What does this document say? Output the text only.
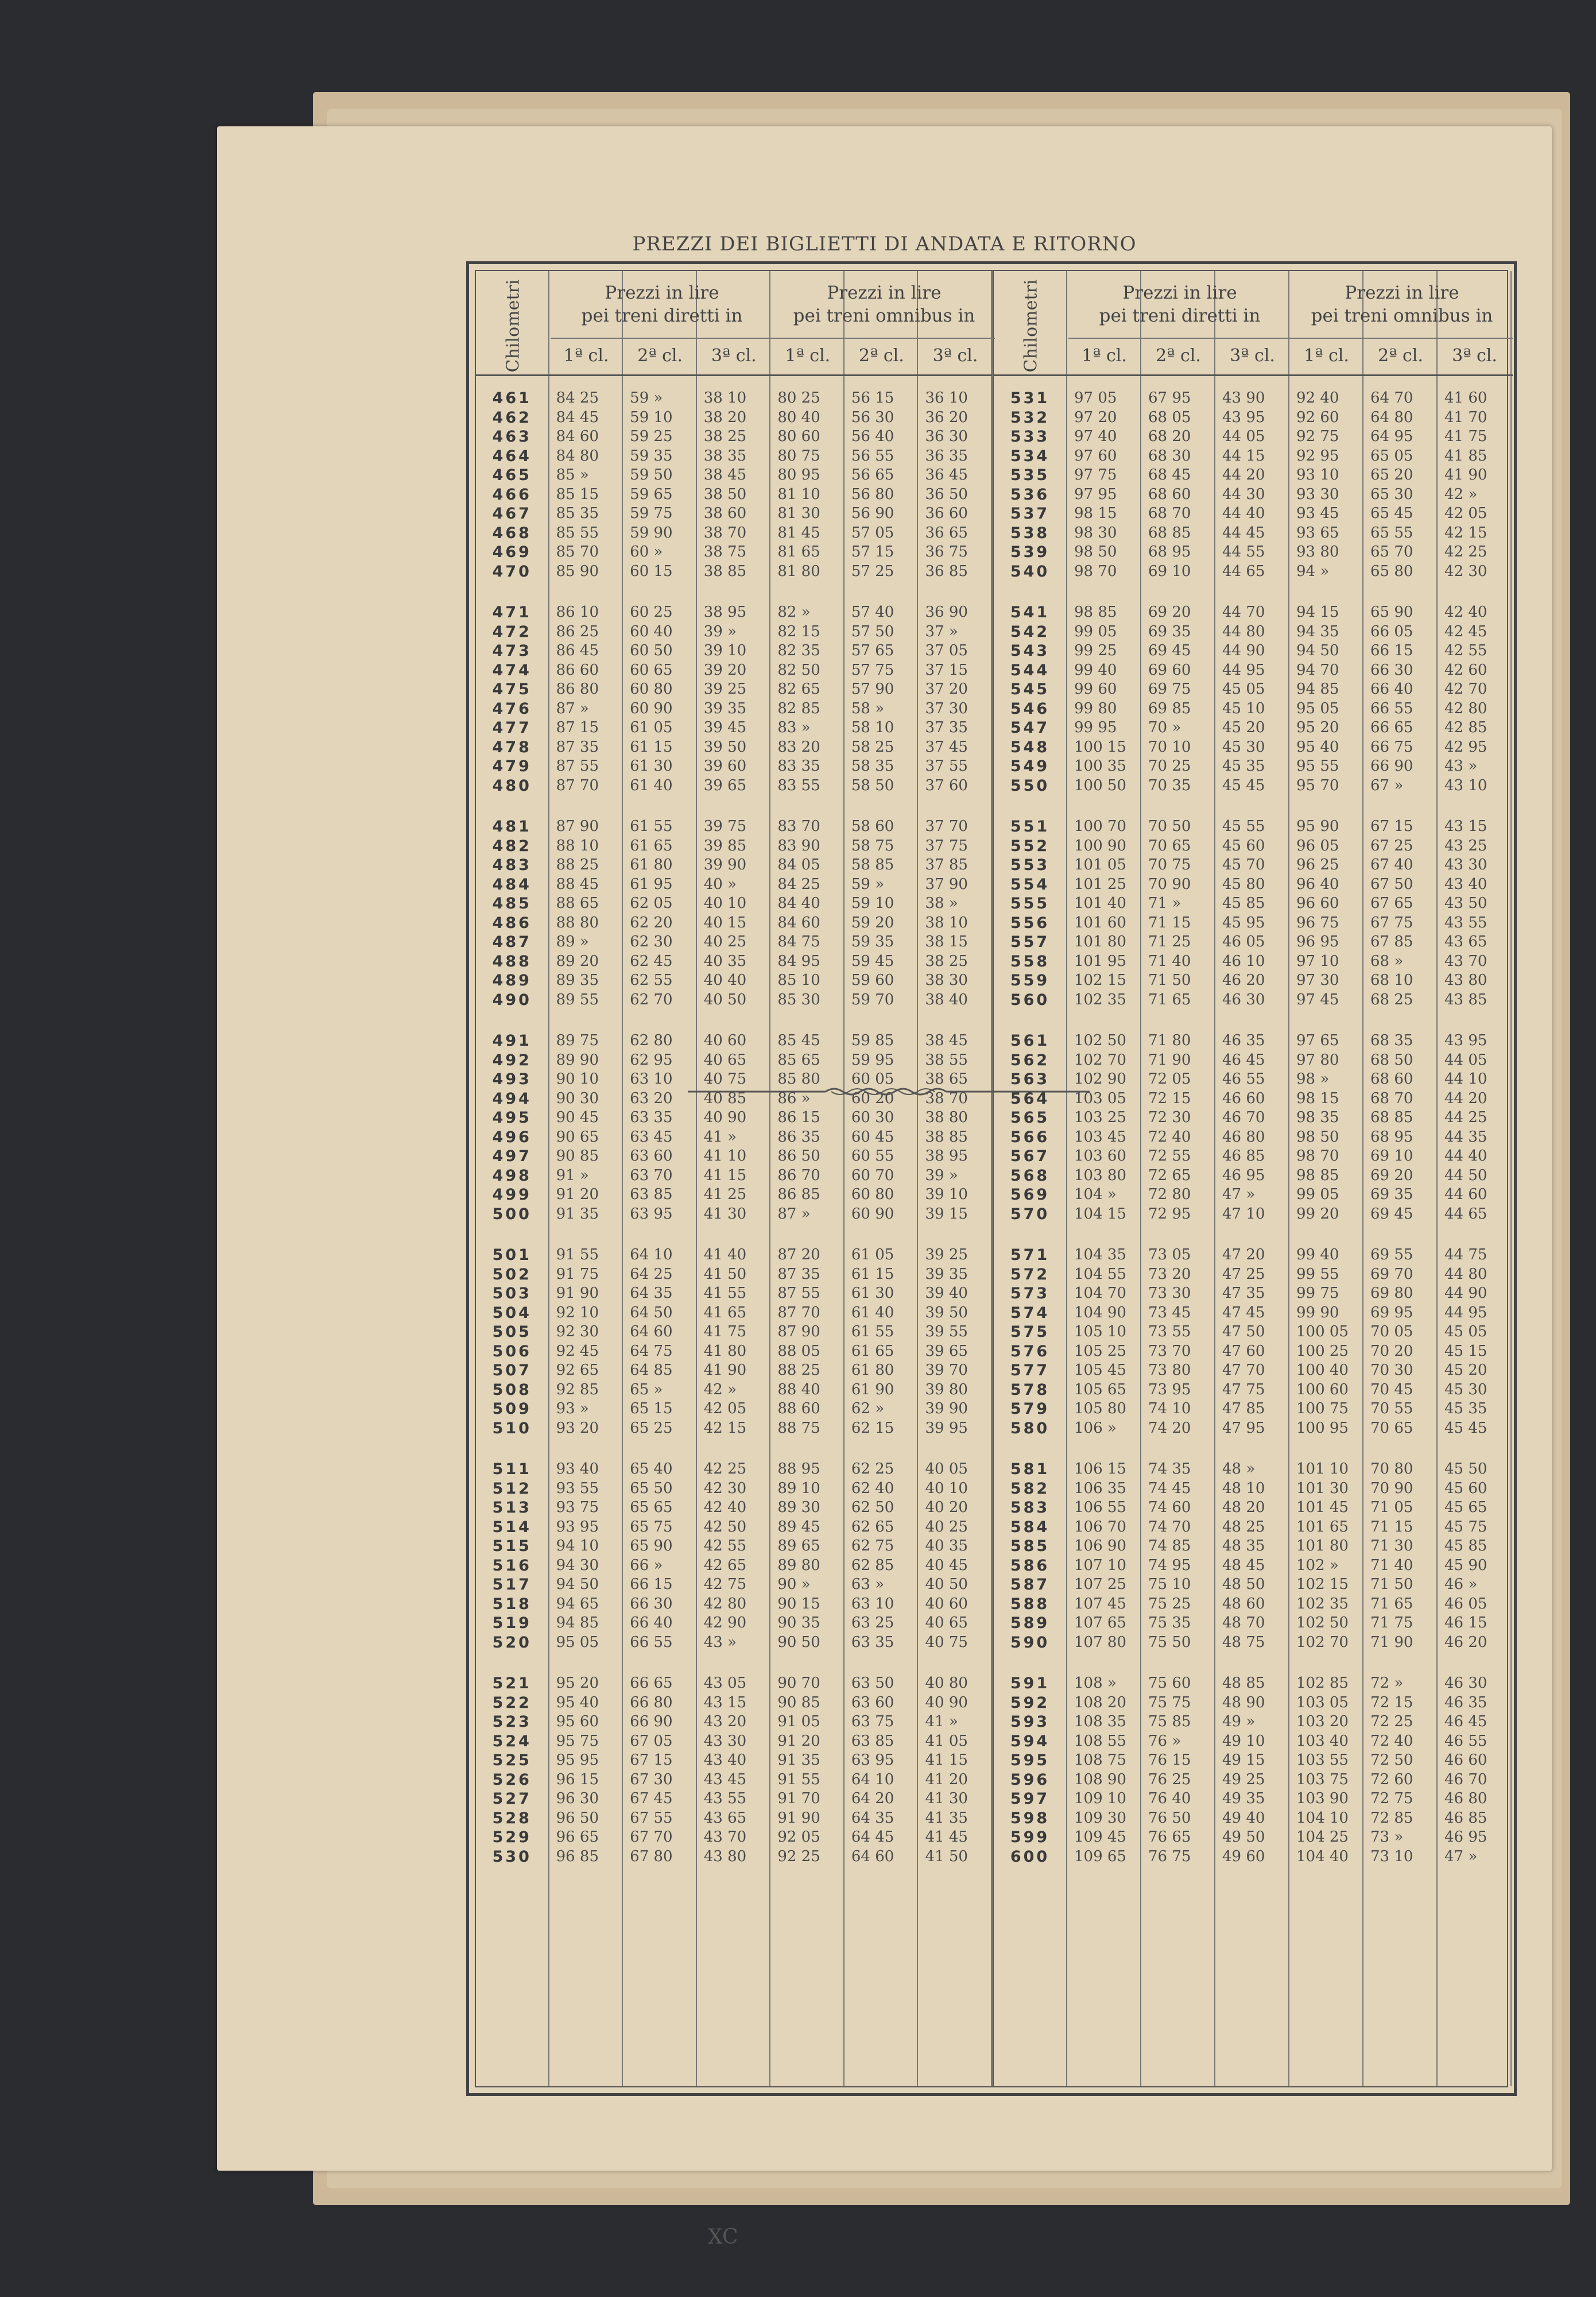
PREZZI DEI BIGLIETTI DI ANDATA E RITORNO
Chilometri
461
462
463
464
465
466
467
468
469
470
471
472
473
474
475
476
477
478
479
480
481
482
483
484
485
486
487
488
489
490
491
492
493
494
495
496
497
498
499
500
501
502
503
504
505
506
507
508
509
510
511
512
513
514
515
516
517
518
519
520
521
522
523
524
525
526
527
528
529
530
1ª cl.
84 25
84 45
84 60
84 80
85 »
85 15
85 35
85 55
85 70
85 90
86 10
86 25
86 45
86 60
86 80
87 »
87 15
87 35
87 55
87 70
87 90
88 10
88 25
88 45
88 65
88 80
89 »
89 20
89 35
89 55
89 75
89 90
90 10
90 30
90 45
90 65
90 85
91 »
91 20
91 35
91 55
91 75
91 90
92 10
92 30
92 45
92 65
92 85
93 »
93 20
93 40
93 55
93 75
93 95
94 10
94 30
94 50
94 65
94 85
95 05
95 20
95 40
95 60
95 75
95 95
96 15
96 30
96 50
96 65
96 85
2ª cl.
59 »
59 10
59 25
59 35
59 50
59 65
59 75
59 90
60 »
60 15
60 25
60 40
60 50
60 65
60 80
60 90
61 05
61 15
61 30
61 40
61 55
61 65
61 80
61 95
62 05
62 20
62 30
62 45
62 55
62 70
62 80
62 95
63 10
63 20
63 35
63 45
63 60
63 70
63 85
63 95
64 10
64 25
64 35
64 50
64 60
64 75
64 85
65 »
65 15
65 25
65 40
65 50
65 65
65 75
65 90
66 »
66 15
66 30
66 40
66 55
66 65
66 80
66 90
67 05
67 15
67 30
67 45
67 55
67 70
67 80
3ª cl.
38 10
38 20
38 25
38 35
38 45
38 50
38 60
38 70
38 75
38 85
38 95
39 »
39 10
39 20
39 25
39 35
39 45
39 50
39 60
39 65
39 75
39 85
39 90
40 »
40 10
40 15
40 25
40 35
40 40
40 50
40 60
40 65
40 75
40 85
40 90
41 »
41 10
41 15
41 25
41 30
41 40
41 50
41 55
41 65
41 75
41 80
41 90
42 »
42 05
42 15
42 25
42 30
42 40
42 50
42 55
42 65
42 75
42 80
42 90
43 »
43 05
43 15
43 20
43 30
43 40
43 45
43 55
43 65
43 70
43 80
1ª cl.
80 25
80 40
80 60
80 75
80 95
81 10
81 30
81 45
81 65
81 80
82 »
82 15
82 35
82 50
82 65
82 85
83 »
83 20
83 35
83 55
83 70
83 90
84 05
84 25
84 40
84 60
84 75
84 95
85 10
85 30
85 45
85 65
85 80
86 »
86 15
86 35
86 50
86 70
86 85
87 »
87 20
87 35
87 55
87 70
87 90
88 05
88 25
88 40
88 60
88 75
88 95
89 10
89 30
89 45
89 65
89 80
90 »
90 15
90 35
90 50
90 70
90 85
91 05
91 20
91 35
91 55
91 70
91 90
92 05
92 25
2ª cl.
56 15
56 30
56 40
56 55
56 65
56 80
56 90
57 05
57 15
57 25
57 40
57 50
57 65
57 75
57 90
58 »
58 10
58 25
58 35
58 50
58 60
58 75
58 85
59 »
59 10
59 20
59 35
59 45
59 60
59 70
59 85
59 95
60 05
60 20
60 30
60 45
60 55
60 70
60 80
60 90
61 05
61 15
61 30
61 40
61 55
61 65
61 80
61 90
62 »
62 15
62 25
62 40
62 50
62 65
62 75
62 85
63 »
63 10
63 25
63 35
63 50
63 60
63 75
63 85
63 95
64 10
64 20
64 35
64 45
64 60
3ª cl.
36 10
36 20
36 30
36 35
36 45
36 50
36 60
36 65
36 75
36 85
36 90
37 »
37 05
37 15
37 20
37 30
37 35
37 45
37 55
37 60
37 70
37 75
37 85
37 90
38 »
38 10
38 15
38 25
38 30
38 40
38 45
38 55
38 65
38 70
38 80
38 85
38 95
39 »
39 10
39 15
39 25
39 35
39 40
39 50
39 55
39 65
39 70
39 80
39 90
39 95
40 05
40 10
40 20
40 25
40 35
40 45
40 50
40 60
40 65
40 75
40 80
40 90
41 »
41 05
41 15
41 20
41 30
41 35
41 45
41 50
Prezzi in lire
pei treni diretti in
Prezzi in lire
pei treni omnibus in	Chilometri
531
532
533
534
535
536
537
538
539
540
541
542
543
544
545
546
547
548
549
550
551
552
553
554
555
556
557
558
559
560
561
562
563
564
565
566
567
568
569
570
571
572
573
574
575
576
577
578
579
580
581
582
583
584
585
586
587
588
589
590
591
592
593
594
595
596
597
598
599
600
1ª cl.
97 05
97 20
97 40
97 60
97 75
97 95
98 15
98 30
98 50
98 70
98 85
99 05
99 25
99 40
99 60
99 80
99 95
100 15
100 35
100 50
100 70
100 90
101 05
101 25
101 40
101 60
101 80
101 95
102 15
102 35
102 50
102 70
102 90
103 05
103 25
103 45
103 60
103 80
104 »
104 15
104 35
104 55
104 70
104 90
105 10
105 25
105 45
105 65
105 80
106 »
106 15
106 35
106 55
106 70
106 90
107 10
107 25
107 45
107 65
107 80
108 »
108 20
108 35
108 55
108 75
108 90
109 10
109 30
109 45
109 65
2ª cl.
67 95
68 05
68 20
68 30
68 45
68 60
68 70
68 85
68 95
69 10
69 20
69 35
69 45
69 60
69 75
69 85
70 »
70 10
70 25
70 35
70 50
70 65
70 75
70 90
71 »
71 15
71 25
71 40
71 50
71 65
71 80
71 90
72 05
72 15
72 30
72 40
72 55
72 65
72 80
72 95
73 05
73 20
73 30
73 45
73 55
73 70
73 80
73 95
74 10
74 20
74 35
74 45
74 60
74 70
74 85
74 95
75 10
75 25
75 35
75 50
75 60
75 75
75 85
76 »
76 15
76 25
76 40
76 50
76 65
76 75
3ª cl.
43 90
43 95
44 05
44 15
44 20
44 30
44 40
44 45
44 55
44 65
44 70
44 80
44 90
44 95
45 05
45 10
45 20
45 30
45 35
45 45
45 55
45 60
45 70
45 80
45 85
45 95
46 05
46 10
46 20
46 30
46 35
46 45
46 55
46 60
46 70
46 80
46 85
46 95
47 »
47 10
47 20
47 25
47 35
47 45
47 50
47 60
47 70
47 75
47 85
47 95
48 »
48 10
48 20
48 25
48 35
48 45
48 50
48 60
48 70
48 75
48 85
48 90
49 »
49 10
49 15
49 25
49 35
49 40
49 50
49 60
1ª cl.
92 40
92 60
92 75
92 95
93 10
93 30
93 45
93 65
93 80
94 »
94 15
94 35
94 50
94 70
94 85
95 05
95 20
95 40
95 55
95 70
95 90
96 05
96 25
96 40
96 60
96 75
96 95
97 10
97 30
97 45
97 65
97 80
98 »
98 15
98 35
98 50
98 70
98 85
99 05
99 20
99 40
99 55
99 75
99 90
100 05
100 25
100 40
100 60
100 75
100 95
101 10
101 30
101 45
101 65
101 80
102 »
102 15
102 35
102 50
102 70
102 85
103 05
103 20
103 40
103 55
103 75
103 90
104 10
104 25
104 40
2ª cl.
64 70
64 80
64 95
65 05
65 20
65 30
65 45
65 55
65 70
65 80
65 90
66 05
66 15
66 30
66 40
66 55
66 65
66 75
66 90
67 »
67 15
67 25
67 40
67 50
67 65
67 75
67 85
68 »
68 10
68 25
68 35
68 50
68 60
68 70
68 85
68 95
69 10
69 20
69 35
69 45
69 55
69 70
69 80
69 95
70 05
70 20
70 30
70 45
70 55
70 65
70 80
70 90
71 05
71 15
71 30
71 40
71 50
71 65
71 75
71 90
72 »
72 15
72 25
72 40
72 50
72 60
72 75
72 85
73 »
73 10
3ª cl.
41 60
41 70
41 75
41 85
41 90
42 »
42 05
42 15
42 25
42 30
42 40
42 45
42 55
42 60
42 70
42 80
42 85
42 95
43 »
43 10
43 15
43 25
43 30
43 40
43 50
43 55
43 65
43 70
43 80
43 85
43 95
44 05
44 10
44 20
44 25
44 35
44 40
44 50
44 60
44 65
44 75
44 80
44 90
44 95
45 05
45 15
45 20
45 30
45 35
45 45
45 50
45 60
45 65
45 75
45 85
45 90
46 »
46 05
46 15
46 20
46 30
46 35
46 45
46 55
46 60
46 70
46 80
46 85
46 95
47 »
Prezzi in lire
pei treni diretti in
Prezzi in lire
pei treni omnibus in
XC
